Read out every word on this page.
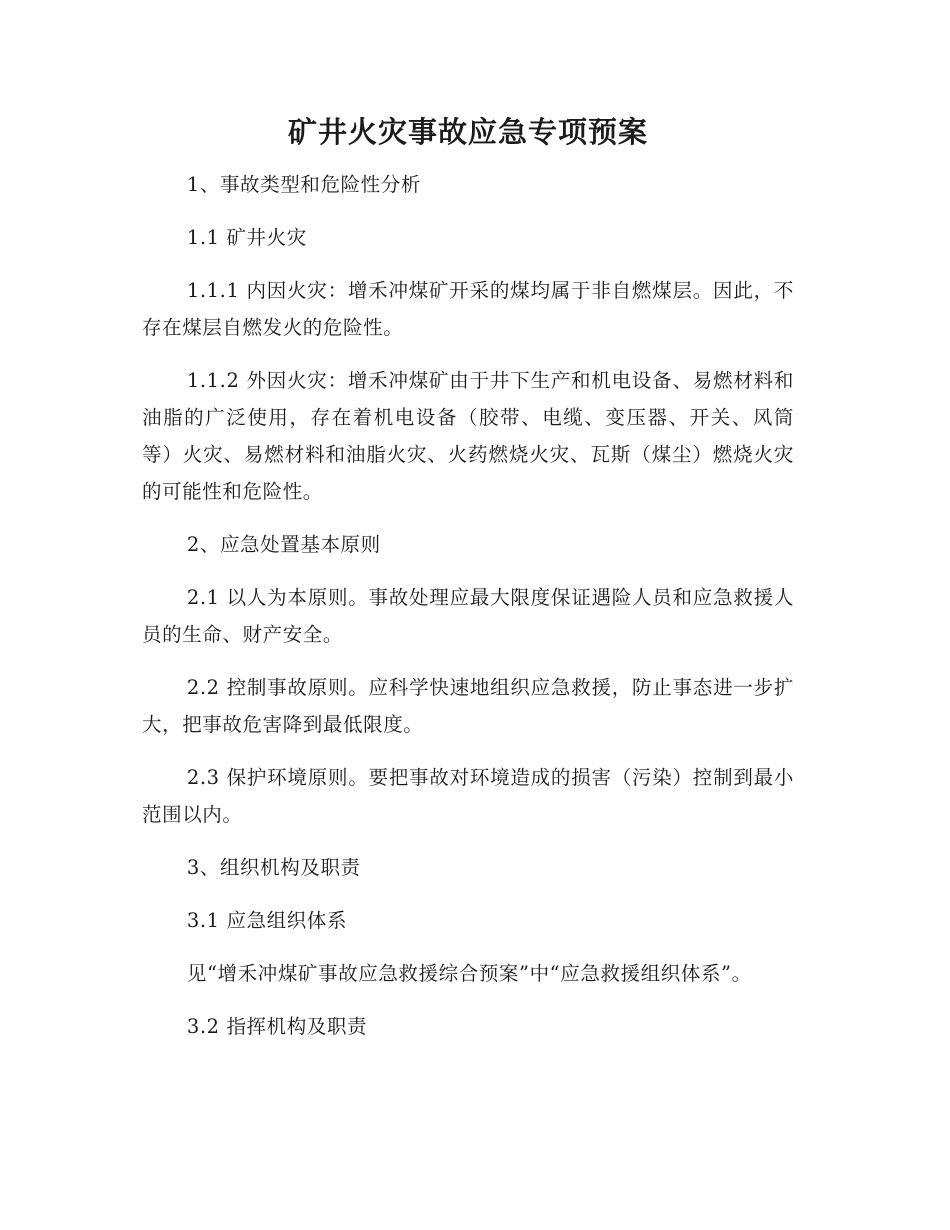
矿井火灾事故应急专项预案

1、事故类型和危险性分析

1.1 矿井火灾

1.1.1 内因火灾：增禾冲煤矿开采的煤均属于非自燃煤层。因此，不存在煤层自燃发火的危险性。

1.1.2 外因火灾：增禾冲煤矿由于井下生产和机电设备、易燃材料和油脂的广泛使用，存在着机电设备（胶带、电缆、变压器、开关、风筒等）火灾、易燃材料和油脂火灾、火药燃烧火灾、瓦斯（煤尘）燃烧火灾的可能性和危险性。

2、应急处置基本原则

2.1 以人为本原则。事故处理应最大限度保证遇险人员和应急救援人员的生命、财产安全。

2.2 控制事故原则。应科学快速地组织应急救援，防止事态进一步扩大，把事故危害降到最低限度。

2.3 保护环境原则。要把事故对环境造成的损害（污染）控制到最小范围以内。

3、组织机构及职责

3.1 应急组织体系

见“增禾冲煤矿事故应急救援综合预案”中“应急救援组织体系”。

3.2 指挥机构及职责
